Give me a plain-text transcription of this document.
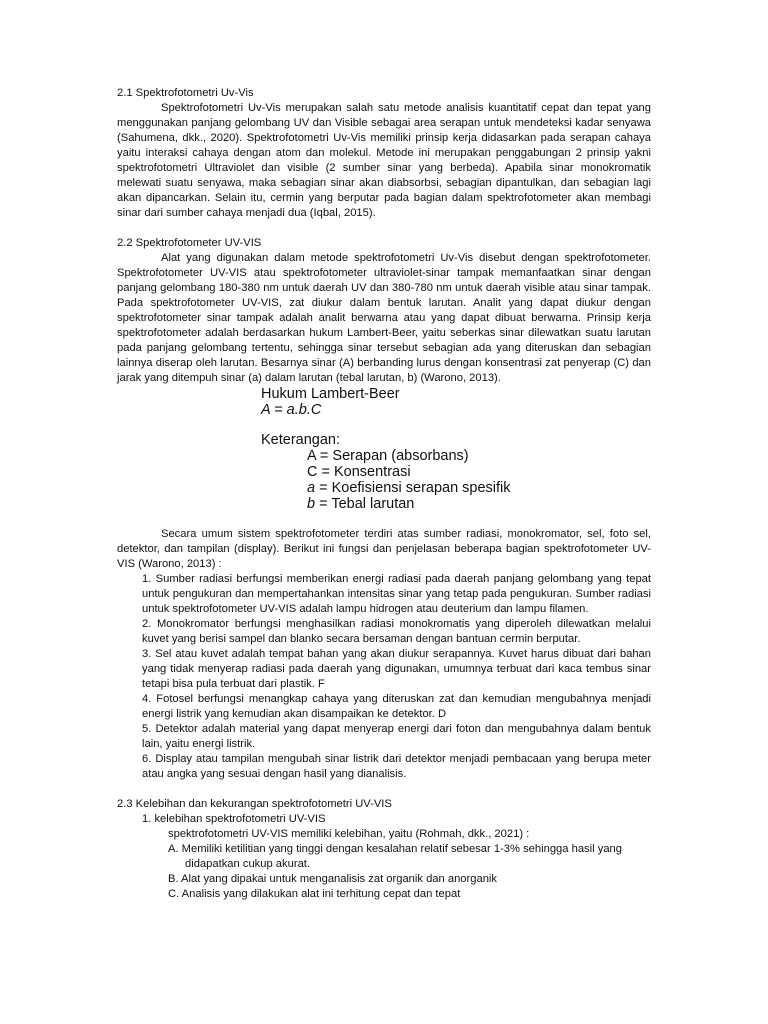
2.1 Spektrofotometri Uv-Vis

Spektrofotometri Uv-Vis merupakan salah satu metode analisis kuantitatif cepat dan tepat yang menggunakan panjang gelombang UV dan Visible sebagai area serapan untuk mendeteksi kadar senyawa (Sahumena, dkk., 2020). Spektrofotometri Uv-Vis memiliki prinsip kerja didasarkan pada serapan cahaya yaitu interaksi cahaya dengan atom dan molekul. Metode ini merupakan penggabungan 2 prinsip yakni spektrofotometri Ultraviolet dan visible (2 sumber sinar yang berbeda). Apabila sinar monokromatik melewati suatu senyawa, maka sebagian sinar akan diabsorbsi, sebagian dipantulkan, dan sebagian lagi akan dipancarkan. Selain itu, cermin yang berputar pada bagian dalam spektrofotometer akan membagi sinar dari sumber cahaya menjadi dua (Iqbal, 2015).

2.2 Spektrofotometer UV-VIS

Alat yang digunakan dalam metode spektrofotometri Uv-Vis disebut dengan spektrofotometer. Spektrofotometer UV-VIS atau spektrofotometer ultraviolet-sinar tampak memanfaatkan sinar dengan panjang gelombang 180-380 nm untuk daerah UV dan 380-780 nm untuk daerah visible atau sinar tampak. Pada spektrofotometer UV-VIS, zat diukur dalam bentuk larutan. Analit yang dapat diukur dengan spektrofotometer sinar tampak adalah analit berwarna atau yang dapat dibuat berwarna. Prinsip kerja spektrofotometer adalah berdasarkan hukum Lambert-Beer, yaitu seberkas sinar dilewatkan suatu larutan pada panjang gelombang tertentu, sehingga sinar tersebut sebagian ada yang diteruskan dan sebagian lainnya diserap oleh larutan. Besarnya sinar (A) berbanding lurus dengan konsentrasi zat penyerap (C) dan jarak yang ditempuh sinar (a) dalam larutan (tebal larutan, b) (Warono, 2013).

Hukum Lambert-Beer
A = a.b.C
Keterangan:
A = Serapan (absorbans)
C = Konsentrasi
a = Koefisiensi serapan spesifik
b = Tebal larutan

Secara umum sistem spektrofotometer terdiri atas sumber radiasi, monokromator, sel, foto sel, detektor, dan tampilan (display). Berikut ini fungsi dan penjelasan beberapa bagian spektrofotometer UV-VIS (Warono, 2013) :

1. Sumber radiasi berfungsi memberikan energi radiasi pada daerah panjang gelombang yang tepat untuk pengukuran dan mempertahankan intensitas sinar yang tetap pada pengukuran. Sumber radiasi untuk spektrofotometer UV-VIS adalah lampu hidrogen atau deuterium dan lampu filamen.
2. Monokromator berfungsi menghasilkan radiasi monokromatis yang diperoleh dilewatkan melalui kuvet yang berisi sampel dan blanko secara bersaman dengan bantuan cermin berputar.
3. Sel atau kuvet adalah tempat bahan yang akan diukur serapannya. Kuvet harus dibuat dari bahan yang tidak menyerap radiasi pada daerah yang digunakan, umumnya terbuat dari kaca tembus sinar tetapi bisa pula terbuat dari plastik. F
4. Fotosel berfungsi menangkap cahaya yang diteruskan zat dan kemudian mengubahnya menjadi energi listrik yang kemudian akan disampaikan ke detektor. D
5. Detektor adalah material yang dapat menyerap energi dari foton dan mengubahnya dalam bentuk lain, yaitu energi listrik.
6. Display atau tampilan mengubah sinar listrik dari detektor menjadi pembacaan yang berupa meter atau angka yang sesuai dengan hasil yang dianalisis.
2.3 Kelebihan dan kekurangan spektrofotometri UV-VIS
1. kelebihan spektrofotometri UV-VIS
spektrofotometri UV-VIS memiliki kelebihan, yaitu (Rohmah, dkk., 2021) :
A. Memiliki ketilitian yang tinggi dengan kesalahan relatif sebesar 1-3% sehingga hasil yang
didapatkan cukup akurat.
B. Alat yang dipakai untuk menganalisis zat organik dan anorganik
C. Analisis yang dilakukan alat ini terhitung cepat dan tepat
